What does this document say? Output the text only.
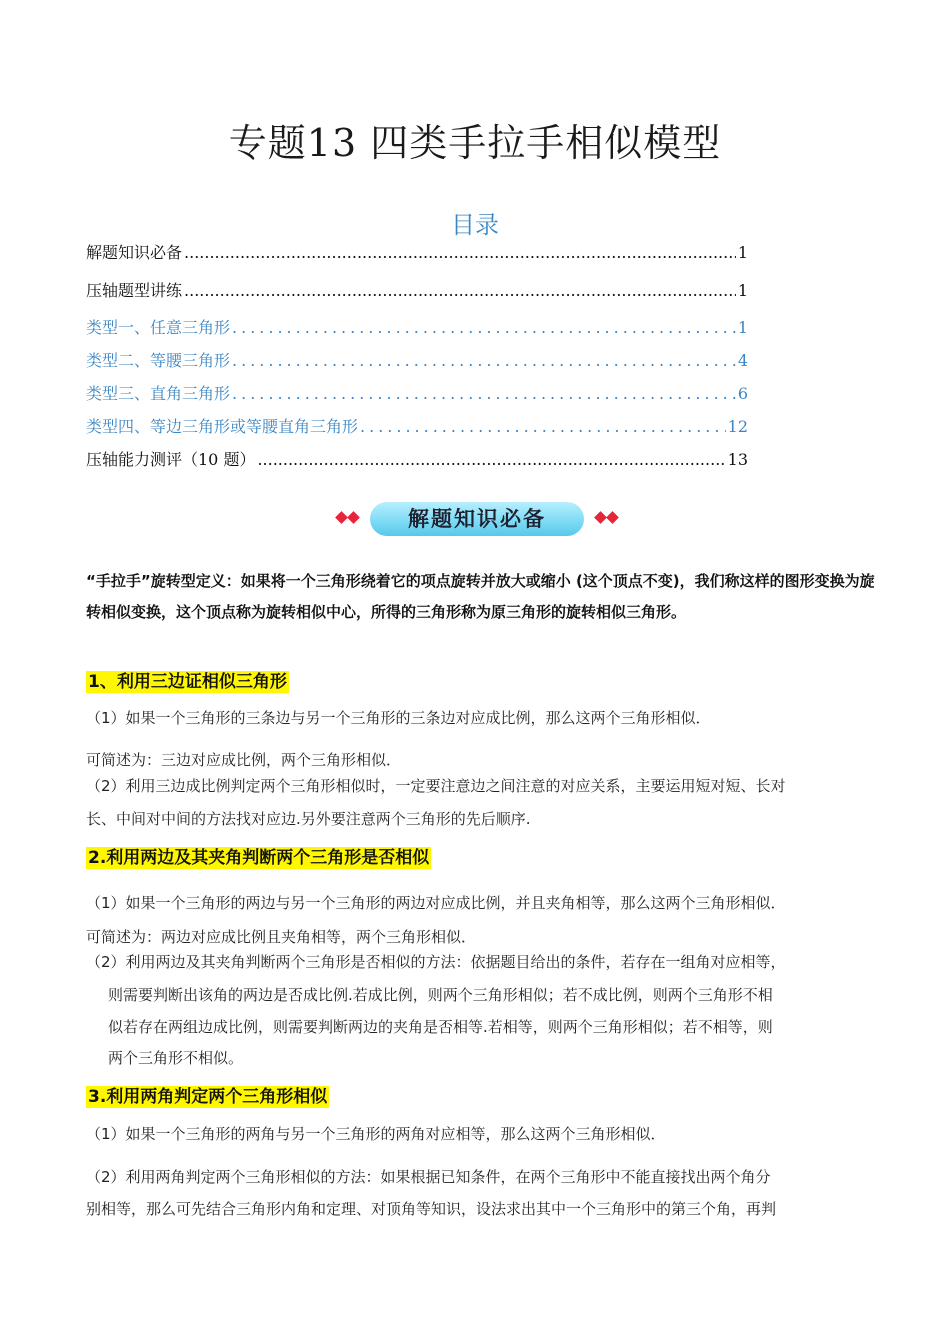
专题13 四类手拉手相似模型
目录
解题知识必备 .....	1
压轴题型讲练 .....	1
类型一、任意三角形 .....	1
类型二、等腰三角形 .....	4
类型三、直角三角形 .....	6
类型四、等边三角形或等腰直角三角形 .....	12
压轴能力测评（10 题） .....	13
解题知识必备
“手拉手”旋转型定义：如果将一个三角形绕着它的项点旋转并放大或缩小 (这个顶点不变)，我们称这样的图形变换为旋转相似变换，这个顶点称为旋转相似中心，所得的三角形称为原三角形的旋转相似三角形。
1、利用三边证相似三角形
（1）如果一个三角形的三条边与另一个三角形的三条边对应成比例，那么这两个三角形相似．
可简述为：三边对应成比例，两个三角形相似．
（2）利用三边成比例判定两个三角形相似时，一定要注意边之间注意的对应关系，主要运用短对短、长对
长、中间对中间的方法找对应边.另外要注意两个三角形的先后顺序.
2.利用两边及其夹角判断两个三角形是否相似
（1）如果一个三角形的两边与另一个三角形的两边对应成比例，并且夹角相等，那么这两个三角形相似．
可简述为：两边对应成比例且夹角相等，两个三角形相似．
（2）利用两边及其夹角判断两个三角形是否相似的方法：依据题目给出的条件，若存在一组角对应相等，
则需要判断出该角的两边是否成比例.若成比例，则两个三角形相似；若不成比例，则两个三角形不相
似若存在两组边成比例，则需要判断两边的夹角是否相等.若相等，则两个三角形相似；若不相等，则
两个三角形不相似。
3.利用两角判定两个三角形相似
（1）如果一个三角形的两角与另一个三角形的两角对应相等，那么这两个三角形相似．
（2）利用两角判定两个三角形相似的方法：如果根据已知条件，在两个三角形中不能直接找出两个角分
别相等，那么可先结合三角形内角和定理、对顶角等知识，设法求出其中一个三角形中的第三个角，再判
